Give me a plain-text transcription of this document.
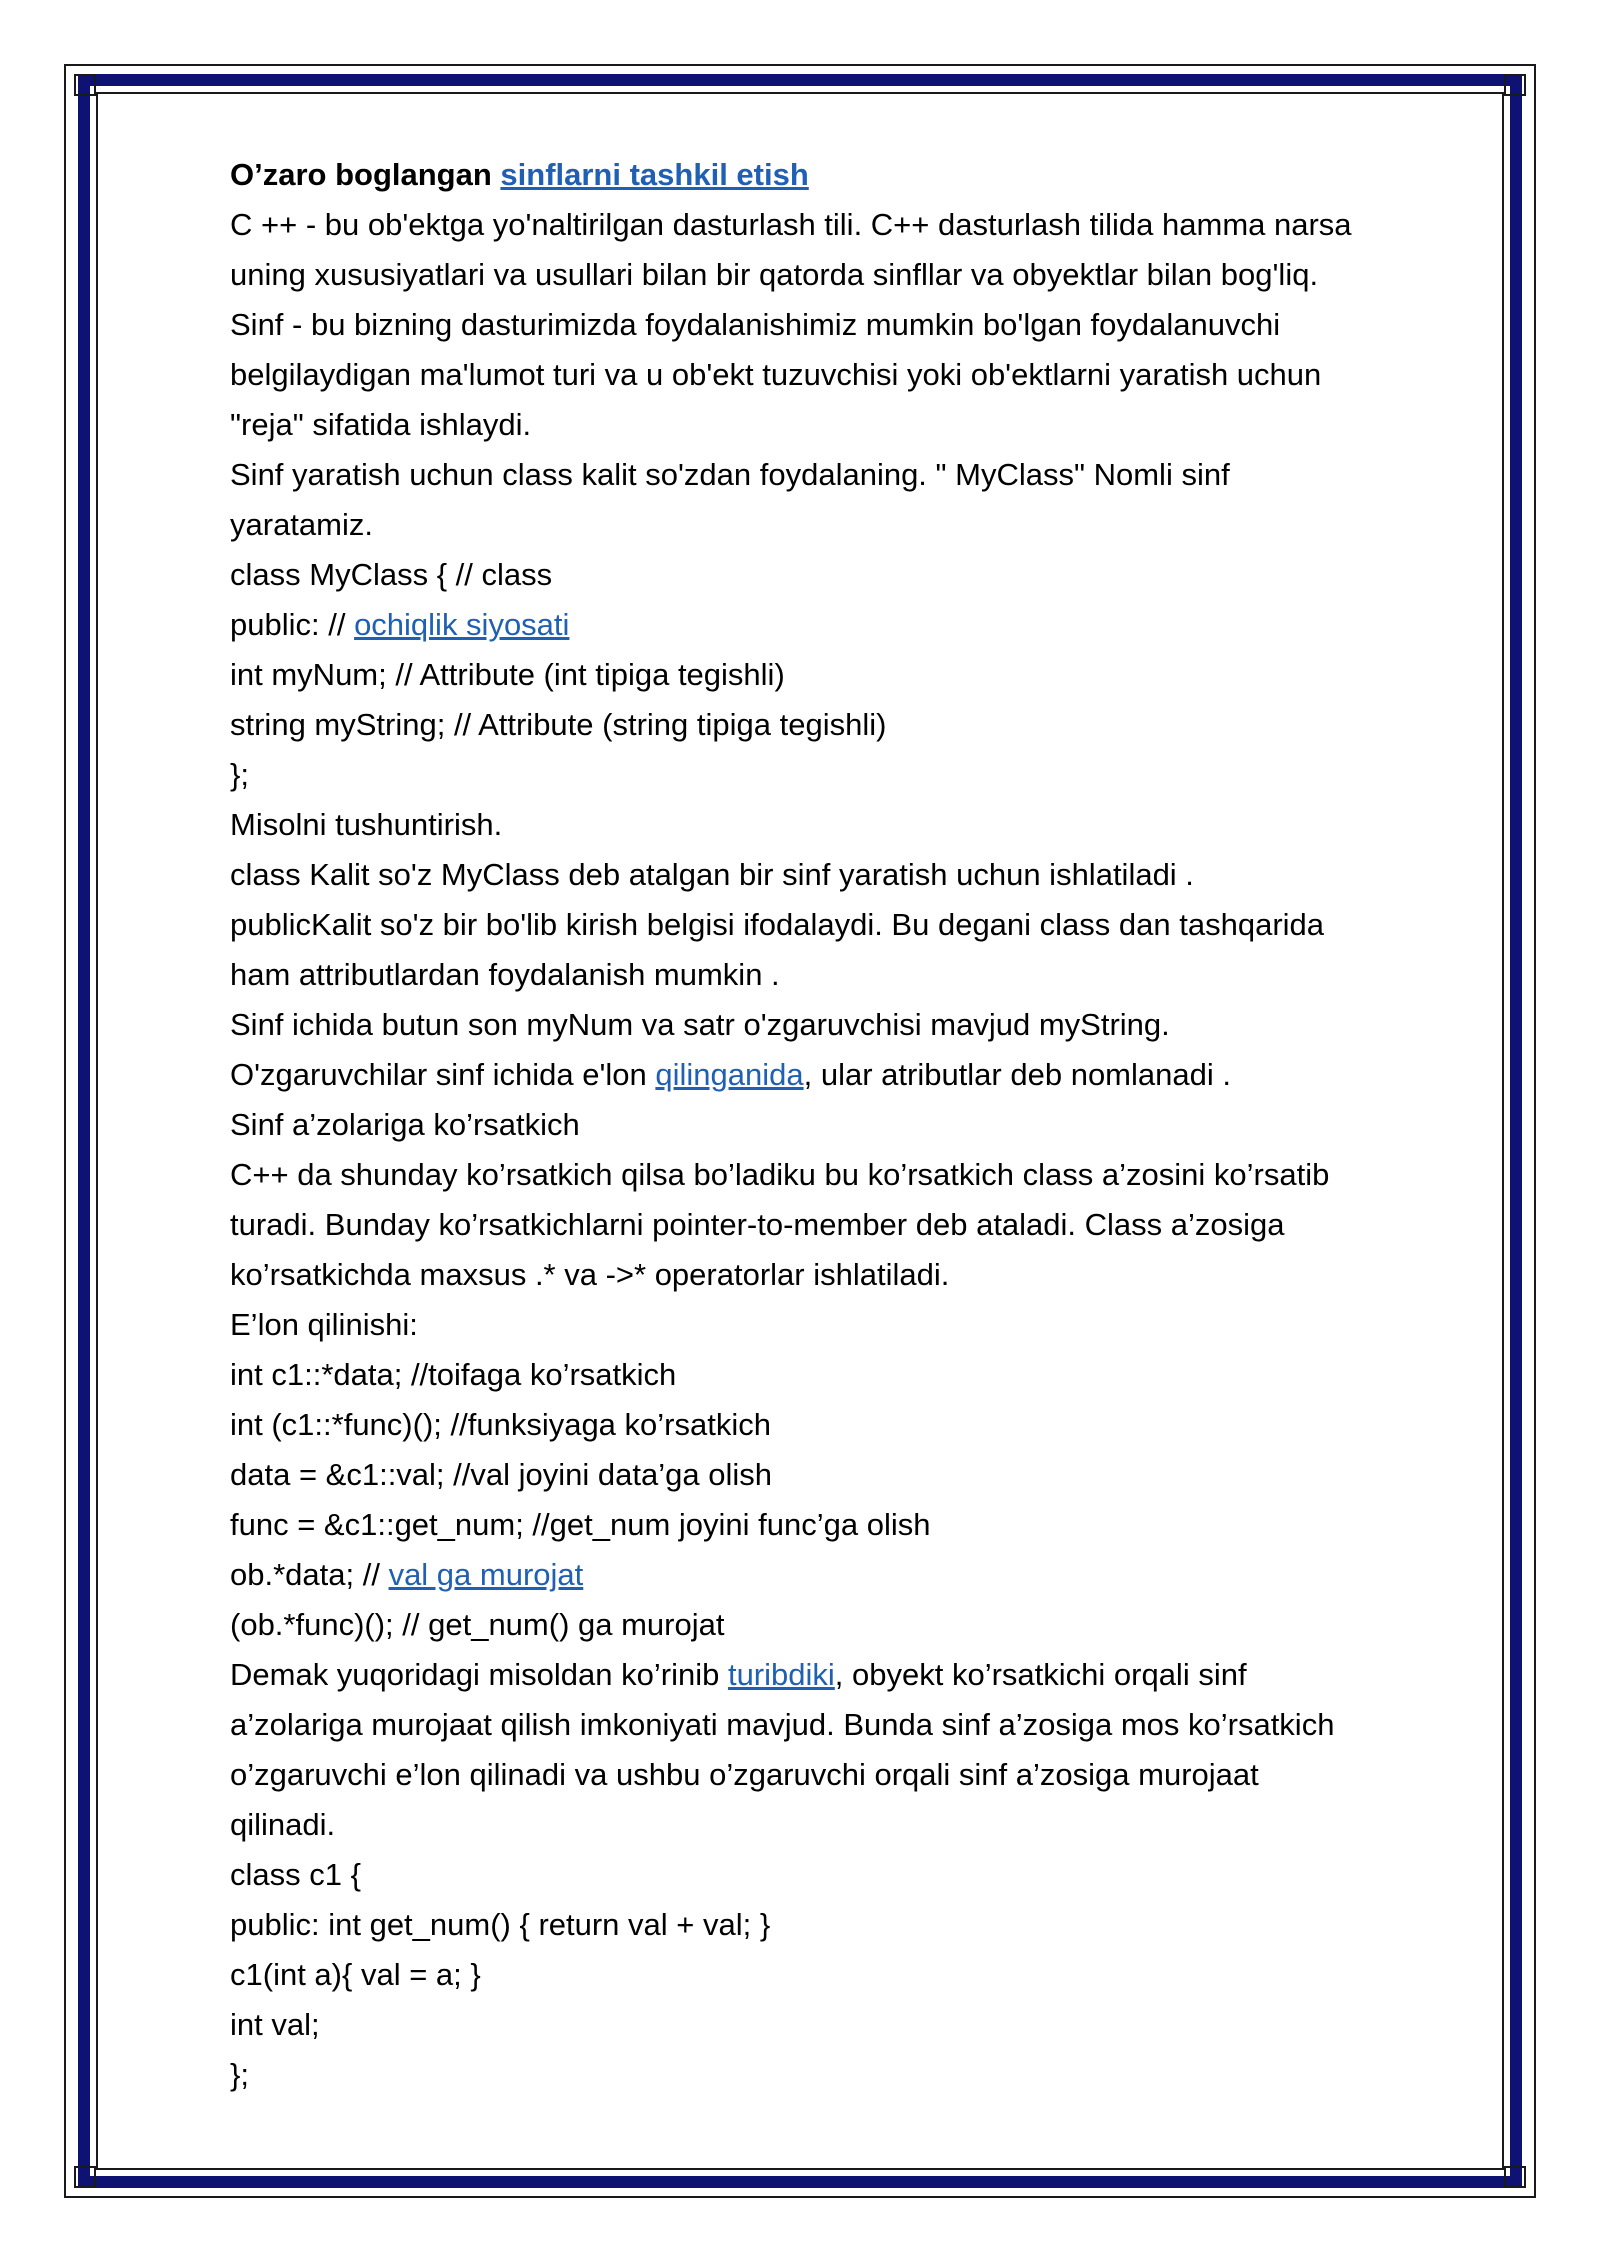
O’zaro boglangan sinflarni tashkil etish
C ++ - bu ob'ektga yo'naltirilgan dasturlash tili. C++ dasturlash tilida hamma narsa
uning xususiyatlari va usullari bilan bir qatorda sinfllar va obyektlar bilan bog'liq.
Sinf - bu bizning dasturimizda foydalanishimiz mumkin bo'lgan foydalanuvchi
belgilaydigan ma'lumot turi va u ob'ekt tuzuvchisi yoki ob'ektlarni yaratish uchun
"reja" sifatida ishlaydi.
Sinf yaratish uchun class kalit so'zdan foydalaning. " MyClass" Nomli sinf
yaratamiz.
class MyClass { // class
public: // ochiqlik siyosati
int myNum; // Attribute (int tipiga tegishli)
string myString; // Attribute (string tipiga tegishli)
};
Misolni tushuntirish.
class Kalit so'z MyClass deb atalgan bir sinf yaratish uchun ishlatiladi .
publicKalit so'z bir bo'lib kirish belgisi ifodalaydi. Bu degani class dan tashqarida
ham attributlardan foydalanish mumkin .
Sinf ichida butun son myNum va satr o'zgaruvchisi mavjud myString.
O'zgaruvchilar sinf ichida e'lon qilinganida, ular atributlar deb nomlanadi .
Sinf a’zolariga ko’rsatkich
C++ da shunday ko’rsatkich qilsa bo’ladiku bu ko’rsatkich class a’zosini ko’rsatib
turadi. Bunday ko’rsatkichlarni pointer-to-member deb ataladi. Class a’zosiga
ko’rsatkichda maxsus .* va ->* operatorlar ishlatiladi.
E’lon qilinishi:
int c1::*data; //toifaga ko’rsatkich
int (c1::*func)(); //funksiyaga ko’rsatkich
data = &c1::val; //val joyini data’ga olish
func = &c1::get_num; //get_num joyini func’ga olish
ob.*data; // val ga murojat
(ob.*func)(); // get_num() ga murojat
Demak yuqoridagi misoldan ko’rinib turibdiki, obyekt ko’rsatkichi orqali sinf
a’zolariga murojaat qilish imkoniyati mavjud. Bunda sinf a’zosiga mos ko’rsatkich
o’zgaruvchi e’lon qilinadi va ushbu o’zgaruvchi orqali sinf a’zosiga murojaat
qilinadi.
class c1 {
public: int get_num() { return val + val; }
c1(int a){ val = a; }
int val;
};
